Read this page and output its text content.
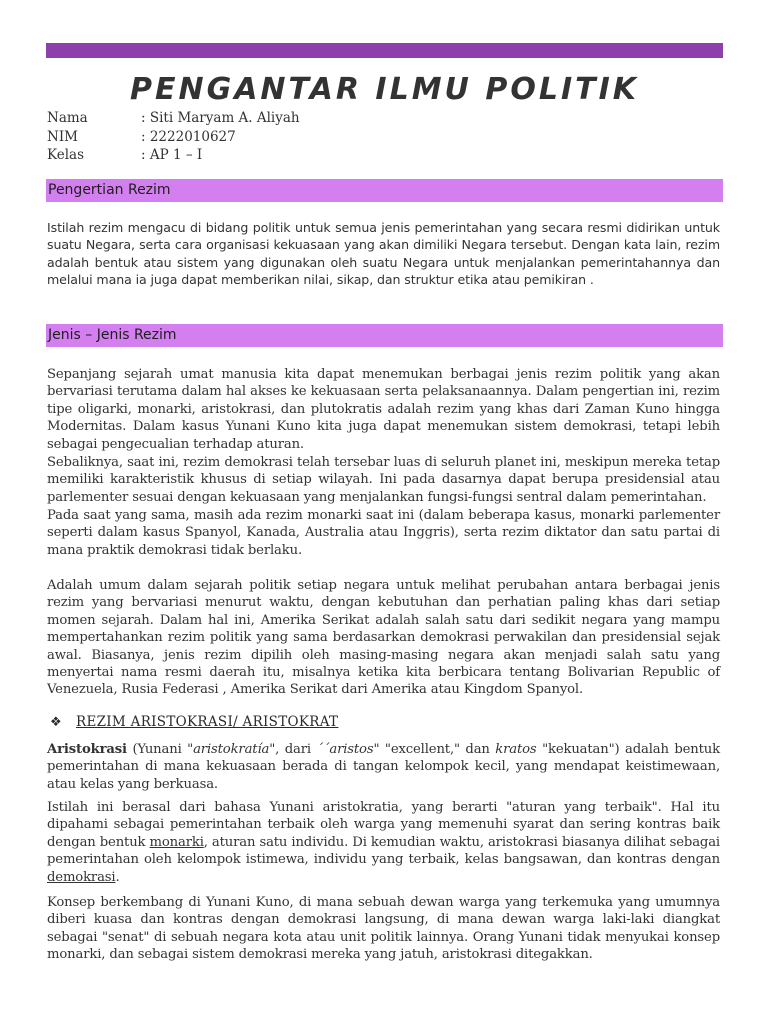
PENGANTAR ILMU POLITIK
Nama	: Siti Maryam A. Aliyah
NIM	: 2222010627
Kelas	: AP 1 – I
Pengertian Rezim

Istilah rezim mengacu di bidang politik untuk semua jenis pemerintahan yang secara resmi didirikan untuk suatu Negara, serta cara organisasi kekuasaan yang akan dimiliki Negara tersebut. Dengan kata lain, rezim adalah bentuk atau sistem yang digunakan oleh suatu Negara untuk menjalankan pemerintahannya dan melalui mana ia juga dapat memberikan nilai, sikap, dan struktur etika atau pemikiran .

Jenis – Jenis Rezim

Sepanjang sejarah umat manusia kita dapat menemukan berbagai jenis rezim politik yang akan bervariasi terutama dalam hal akses ke kekuasaan serta pelaksanaannya. Dalam pengertian ini, rezim tipe oligarki, monarki, aristokrasi, dan plutokratis adalah rezim yang khas dari Zaman Kuno hingga Modernitas. Dalam kasus Yunani Kuno kita juga dapat menemukan sistem demokrasi, tetapi lebih sebagai pengecualian terhadap aturan.

Sebaliknya, saat ini, rezim demokrasi telah tersebar luas di seluruh planet ini, meskipun mereka tetap memiliki karakteristik khusus di setiap wilayah. Ini pada dasarnya dapat berupa presidensial atau parlementer sesuai dengan kekuasaan yang menjalankan fungsi-fungsi sentral dalam pemerintahan.

Pada saat yang sama, masih ada rezim monarki saat ini (dalam beberapa kasus, monarki parlementer seperti dalam kasus Spanyol, Kanada, Australia atau Inggris), serta rezim diktator dan satu partai di mana praktik demokrasi tidak berlaku.

Adalah umum dalam sejarah politik setiap negara untuk melihat perubahan antara berbagai jenis rezim yang bervariasi menurut waktu, dengan kebutuhan dan perhatian paling khas dari setiap momen sejarah. Dalam hal ini, Amerika Serikat adalah salah satu dari sedikit negara yang mampu mempertahankan rezim politik yang sama berdasarkan demokrasi perwakilan dan presidensial sejak awal. Biasanya, jenis rezim dipilih oleh masing-masing negara akan menjadi salah satu yang menyertai nama resmi daerah itu, misalnya ketika kita berbicara tentang Bolivarian Republic of Venezuela, Rusia Federasi , Amerika Serikat dari Amerika atau Kingdom Spanyol.

❖	REZIM ARISTOKRASI/ ARISTOKRAT

Aristokrasi (Yunani "aristokratía", dari ´´aristos" "excellent," dan kratos "kekuatan") adalah bentuk pemerintahan di mana kekuasaan berada di tangan kelompok kecil, yang mendapat keistimewaan, atau kelas yang berkuasa.

Istilah ini berasal dari bahasa Yunani aristokratia, yang berarti "aturan yang terbaik". Hal itu dipahami sebagai pemerintahan terbaik oleh warga yang memenuhi syarat dan sering kontras baik dengan bentuk monarki, aturan satu individu. Di kemudian waktu, aristokrasi biasanya dilihat sebagai pemerintahan oleh kelompok istimewa, individu yang terbaik, kelas bangsawan, dan kontras dengan demokrasi.

Konsep berkembang di Yunani Kuno, di mana sebuah dewan warga yang terkemuka yang umumnya diberi kuasa dan kontras dengan demokrasi langsung, di mana dewan warga laki-laki diangkat sebagai "senat" di sebuah negara kota atau unit politik lainnya. Orang Yunani tidak menyukai konsep monarki, dan sebagai sistem demokrasi mereka yang jatuh, aristokrasi ditegakkan.
